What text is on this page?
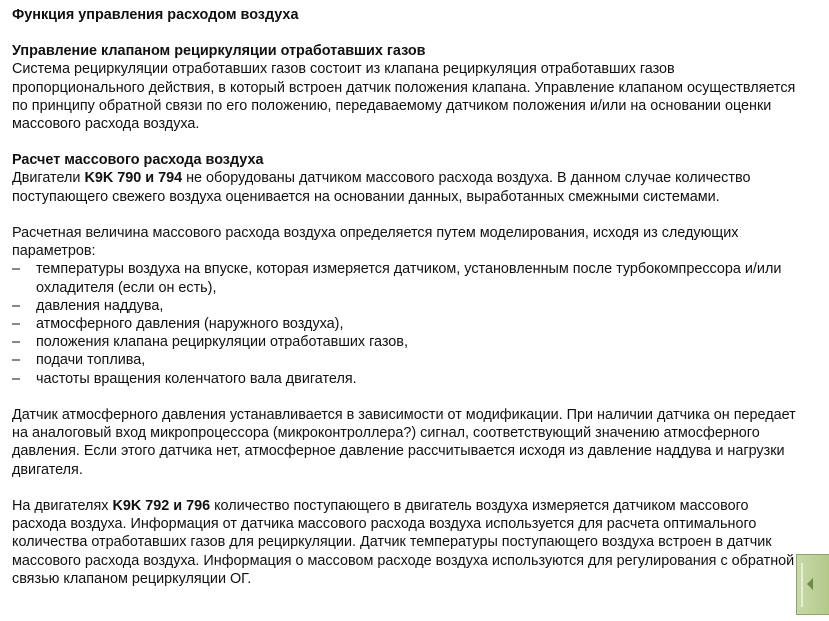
Функция управления расходом воздуха

Управление клапаном рециркуляции отработавших газов

Система рециркуляции отработавших газов состоит из клапана рециркуляция отработавших газов пропорционального действия, в который встроен датчик положения клапана. Управление клапаном осуществляется по принципу обратной связи по его положению, передаваемому датчиком положения и/или на основании оценки массового расхода воздуха.

Расчет массового расхода воздуха

Двигатели K9K 790 и 794 не оборудованы датчиком массового расхода воздуха. В данном случае количество поступающего свежего воздуха оценивается на основании данных, выработанных смежными системами.

Расчетная величина массового расхода воздуха определяется путем моделирования, исходя из следующих параметров:

– температуры воздуха на впуске, которая измеряется датчиком, установленным после турбокомпрессора и/или охладителя (если он есть),
– давления наддува,
– атмосферного давления (наружного воздуха),
– положения клапана рециркуляции отработавших газов,
– подачи топлива,
– частоты вращения коленчатого вала двигателя.

Датчик атмосферного давления устанавливается в зависимости от модификации. При наличии датчика он передает на аналоговый вход микропроцессора (микроконтроллера?) сигнал, соответствующий значению атмосферного давления. Если этого датчика нет, атмосферное давление рассчитывается исходя из давление наддува и нагрузки двигателя.

На двигателях K9K 792 и 796 количество поступающего в двигатель воздуха измеряется датчиком массового расхода воздуха. Информация от датчика массового расхода воздуха используется для расчета оптимального количества отработавших газов для рециркуляции. Датчик температуры поступающего воздуха встроен в датчик массового расхода воздуха. Информация о массовом расходе воздуха используются для регулирования с обратной связью клапаном рециркуляции ОГ.
